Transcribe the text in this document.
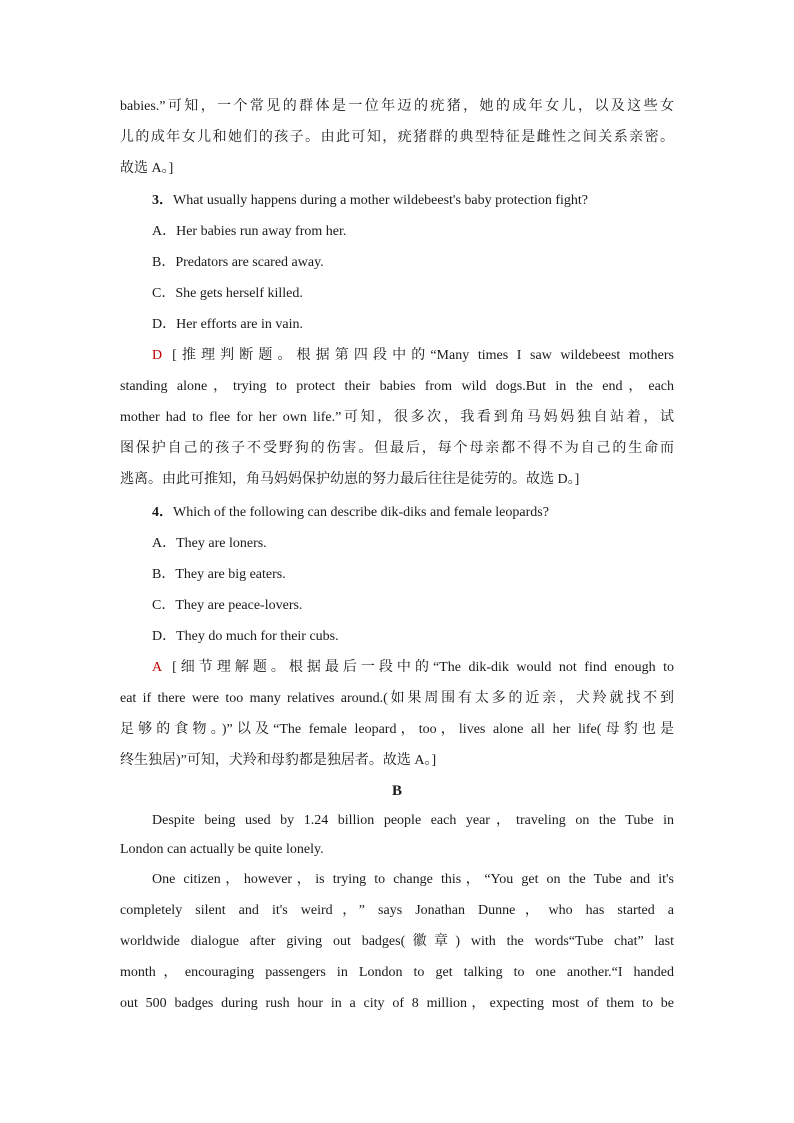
babies.”可知，一个常见的群体是一位年迈的疣猪，她的成年女儿，以及这些女
儿的成年女儿和她们的孩子。由此可知，疣猪群的典型特征是雌性之间关系亲密。
故选 A。]
3．What usually happens during a mother wildebeest's baby protection fight?
A．Her babies run away from her.
B．Predators are scared away.
C．She gets herself killed.
D．Her efforts are in vain.
D [推理判断题。根据第四段中的“Many times I saw wildebeest mothers
standing alone，trying to protect their babies from wild dogs.But in the end，each
mother had to flee for her own life.”可知，很多次，我看到角马妈妈独自站着，试
图保护自己的孩子不受野狗的伤害。但最后，每个母亲都不得不为自己的生命而
逃离。由此可推知，角马妈妈保护幼崽的努力最后往往是徒劳的。故选 D。]
4．Which of the following can describe dik-diks and female leopards?
A．They are loners.
B．They are big eaters.
C．They are peace-lovers.
D．They do much for their cubs.
A [细节理解题。根据最后一段中的“The dik-dik would not find enough to
eat if there were too many relatives around.(如果周围有太多的近亲，犬羚就找不到
足够的食物。)”以及“The female leopard，too，lives alone all her life(母豹也是
终生独居)”可知，犬羚和母豹都是独居者。故选 A。]
B
Despite being used by 1.24 billion people each year，traveling on the Tube in
London can actually be quite lonely.
One citizen，however，is trying to change this，“You get on the Tube and it's
completely silent and it's weird，” says Jonathan Dunne，who has started a
worldwide dialogue after giving out badges(徽章) with the words“Tube chat” last
month，encouraging passengers in London to get talking to one another.“I handed
out 500 badges during rush hour in a city of 8 million，expecting most of them to be
